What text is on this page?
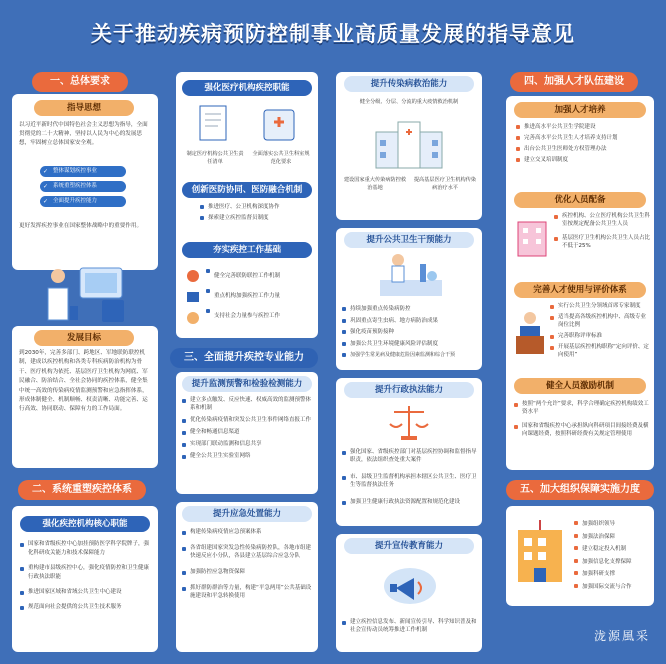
关于推动疾病预防控制事业高质量发展的指导意见
一、总体要求
指导思想
以习近平新时代中国特色社会主义思想为指导，全面贯彻党的二十大精神，坚持以人民为中心的发展思想，牢固树立总体国家安全观。
✓ 整体谋划疾控事业
✓ 系统重塑疾控体系
✓ 全面提升疾控能力
更好发挥疾控事业在国家整体战略中的重要作用。
发展目标
到2030年，完善多部门、跨地区、军地联防联控机制，建成以疾控机构和各类专科疾病防治机构为骨干、医疗机构为依托、基层医疗卫生机构为网底、军民融合、防治结合、全社会协同的疾控体系，健全集中统一高效的传染病疫情监测预警和应急指挥体系，形成体制健全、机制顺畅、权责清晰、功能完善、运行高效、协同联动、保障有力的工作局面。
二、系统重塑疾控体系
强化疾控机构核心职能
国家和省级疾控中心加挂预防医学科学院牌子，强化科研攻关能力和技术保障能力
重构建市县级疾控中心，强化疫情防控和卫生健康行政执法职能
推进国家区域和省域公共卫生中心建设
规范面向社会提供的公共卫生技术服务
强化医疗机构疾控职能
制定医疗机构公共卫生责任清单
全面落实公共卫生科室规范化要求
创新医防协同、医防融合机制
推进医疗、公卫机构深度协作
探索建立疾控监督员制度
夯实疾控工作基础
健全完善联防联控工作机制
重点机构加强疾控工作力量
支持社会力量参与疾控工作
三、全面提升疾控专业能力
提升监测预警和检验检测能力
建立多点触发、反应快速、权威高效的监测预警体系和机制
优化传染病疫情和突发公共卫生事件网络直报工作
健全和畅通信息渠道
实现部门联动监测和信息共享
健全公共卫生实验室网络
提升应急处置能力
构建传染病疫情应急预案体系
各省组建国家突发急性传染病防控队，各地市组建快速反应小分队，各县建立基层综合应急分队
加强防控应急物资保障
抓好群防群治等力量，构建“平急两用”公共基础设施建设和平急转换使用
提升传染病救治能力
健全分级、分层、分流的重大疫情救治机制
建设国家重大传染病防控救治基地
提高基层医疗卫生机构传染病治疗水平
提升公共卫生干预能力
持续加强重点传染病防控
巩固重点寄生虫病、地方病防治成果
强化疫苗预防接种
加强公共卫生环境健康风险评估制度
加强学生常见病及健康危险因素监测和综合干预
提升行政执法能力
强化国家、省级疾控部门对基层疾控协调和监督指导职责，依法组织查处重大案件
市、县级卫生监督机构承担本辖区公共卫生、医疗卫生等监督执法任务
加强卫生健康行政执法资源配置和规范化建设
提升宣传教育能力
建立疾控信息发布、新闻宣传引导、科学知识普及和社会宣传动员统筹推进工作机制
四、加强人才队伍建设
加强人才培养
推进高水平公共卫生学院建设
完善高水平公共卫生人才培养支持计划
出台公共卫生医师处方权管理办法
建立交叉培训制度
优化人员配备
疾控机构、公立医疗机构公共卫生科室按规定配备公共卫生人员
基层医疗卫生机构公共卫生人员占比不低于25%
完善人才使用与评价体系
实行公共卫生分领域首席专家制度
适当提高各级疾控机构中、高级专业岗位比例
完善职称评审标准
开展基层疾控机构职称“定向评价、定向使用”
健全人员激励机制
按照“两个允许”要求，科学合理确定疾控机构绩效工资水平
国家和省级疾控中心承担纵向科研项目间接经费及横向课题经费，按照科研经费有关规定管理使用
五、加大组织保障实施力度
加强组织领导
加强法治保障
建立稳定投入机制
加强信息化支撑保障
加强科研支撑
加强国际交流与合作
泷源風采
